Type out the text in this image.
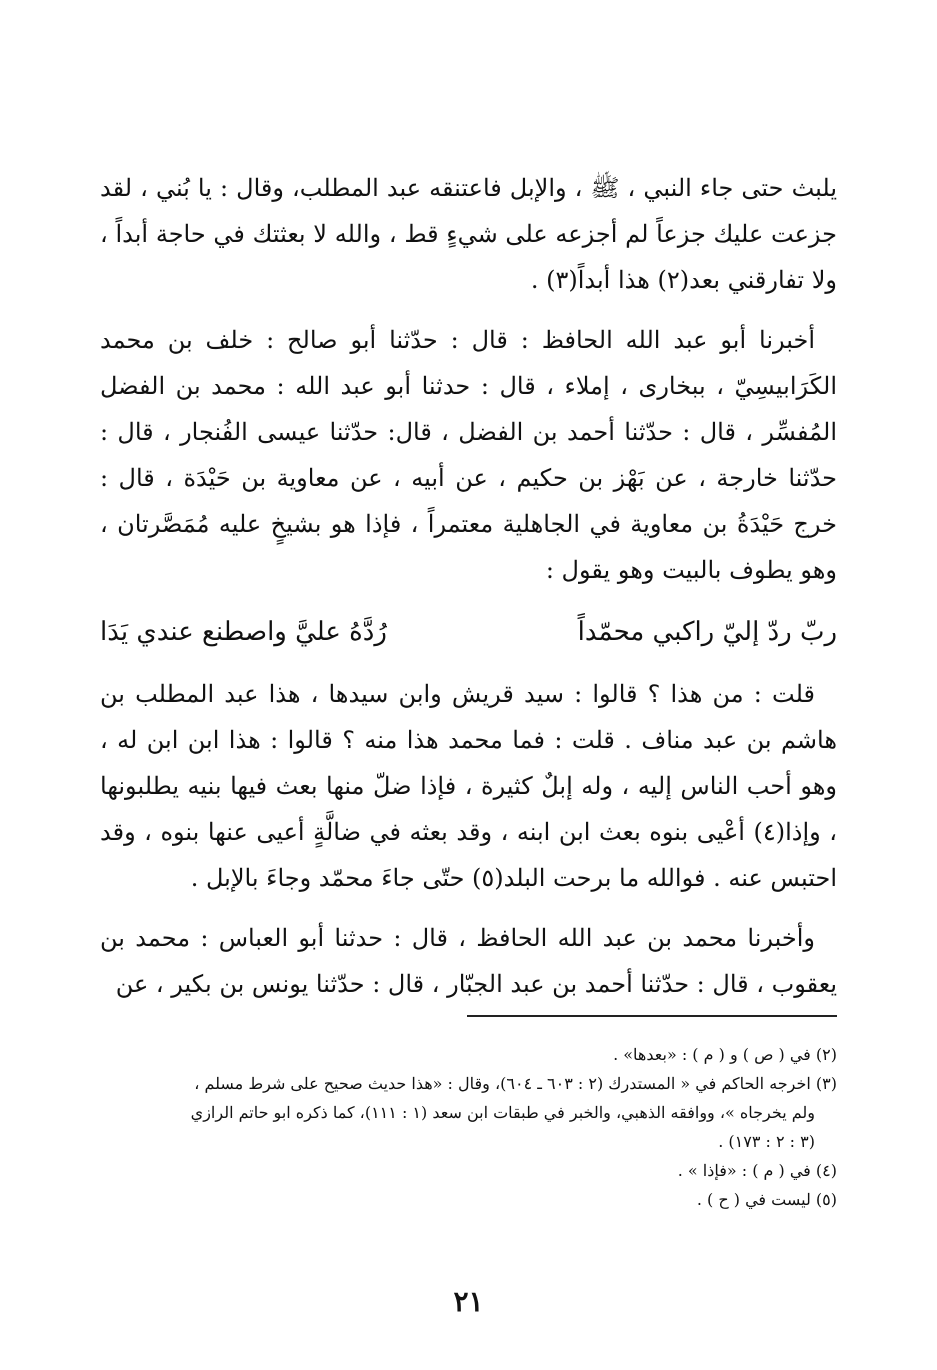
يلبث حتى جاء النبي ، ﷺ ، والإبل فاعتنقه عبد المطلب، وقال : يا بُني ، لقد جزعت عليك جزعاً لم أجزعه على شيءٍ قط ، والله لا بعثتك في حاجة أبداً ، ولا تفارقني بعد(٢) هذا أبداً(٣) .

أخبرنا أبو عبد الله الحافظ : قال : حدّثنا أبو صالح : خلف بن محمد الكَرَابيسِيّ ، ببخارى ، إملاء ، قال : حدثنا أبو عبد الله : محمد بن الفضل المُفسِّر ، قال : حدّثنا أحمد بن الفضل ، قال: حدّثنا عيسى الفُنجار ، قال : حدّثنا خارجة ، عن بَهْز بن حكيم ، عن أبيه ، عن معاوية بن حَيْدَة ، قال : خرج حَيْدَةُ بن معاوية في الجاهلية معتمراً ، فإذا هو بشيخٍ عليه مُمَصَّرتان ، وهو يطوف بالبيت وهو يقول :

ربّ ردّ إليّ راكبي محمّداً
رُدَّهُ عليَّ واصطنع عندي يَدَا

قلت : من هذا ؟ قالوا : سيد قريش وابن سيدها ، هذا عبد المطلب بن هاشم بن عبد مناف . قلت : فما محمد هذا منه ؟ قالوا : هذا ابن ابن له ، وهو أحب الناس إليه ، وله إبلٌ كثيرة ، فإذا ضلّ منها بعث فيها بنيه يطلبونها ، وإذا(٤) أعْيى بنوه بعث ابن ابنه ، وقد بعثه في ضالَّةٍ أعيى عنها بنوه ، وقد احتبس عنه . فوالله ما برحت البلد(٥) حتّى جاءَ محمّد وجاءَ بالإبل .

وأخبرنا محمد بن عبد الله الحافظ ، قال : حدثنا أبو العباس : محمد بن يعقوب ، قال : حدّثنا أحمد بن عبد الجبّار ، قال : حدّثنا يونس بن بكير ، عن

(٢) في ( ص ) و ( م ) : «بعدها» .

(٣) اخرجه الحاكم في « المستدرك (٢ : ٦٠٣ ـ ٦٠٤)، وقال : «هذا حديث صحيح على شرط مسلم ،

ولم يخرجاه »، ووافقه الذهبي، والخبر في طبقات ابن سعد (١ : ١١١)، كما ذكره ابو حاتم الرازي

(٣ : ٢ : ١٧٣) .

(٤) في ( م ) : «فإذا » .

(٥) ليست في ( ح ) .

٢١
